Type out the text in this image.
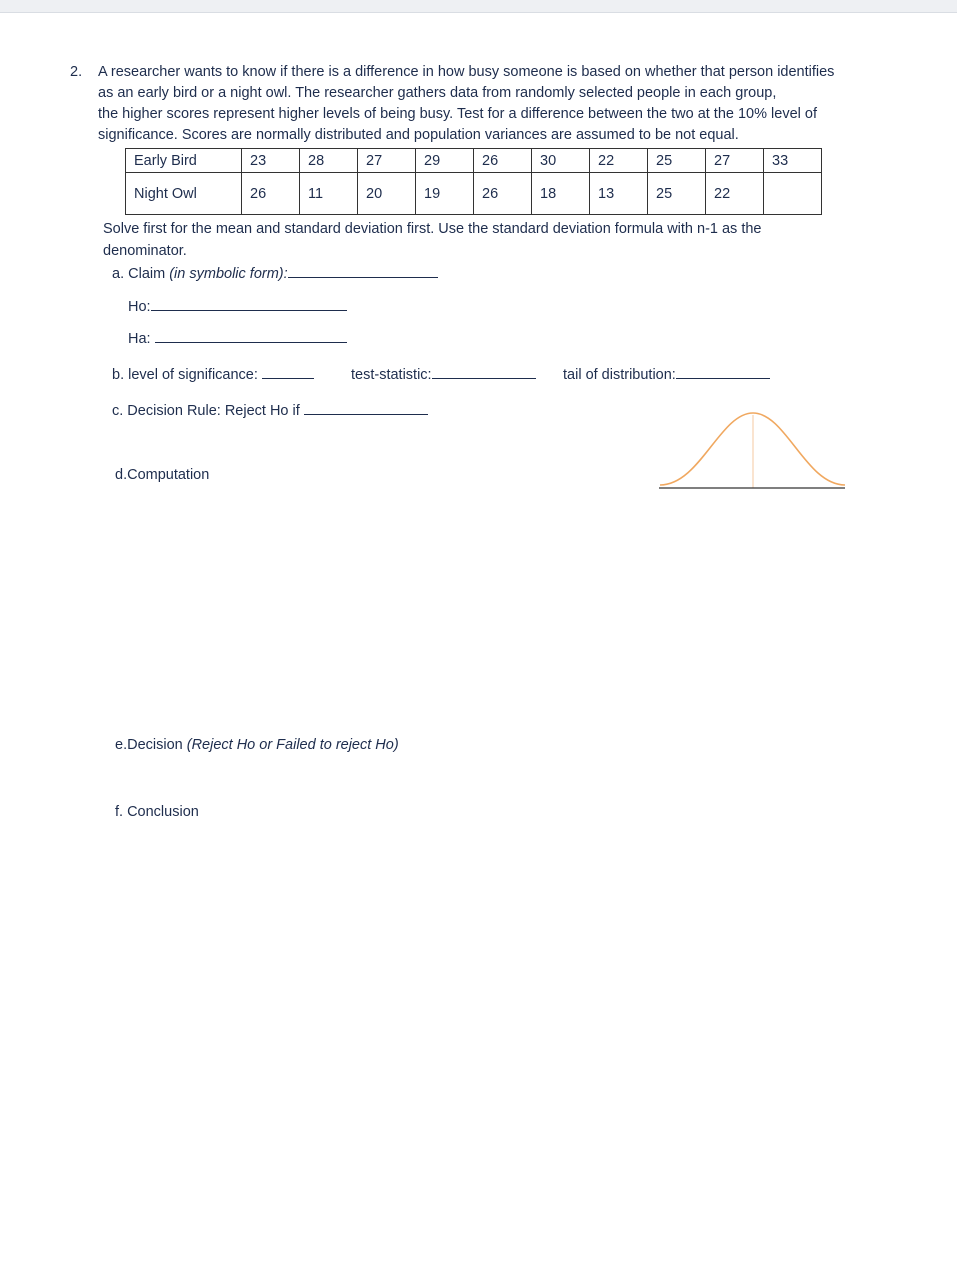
2. A researcher wants to know if there is a difference in how busy someone is based on whether that person identifies
as an early bird or a night owl. The researcher gathers data from randomly selected people in each group,
the higher scores represent higher levels of being busy. Test for a difference between the two at the 10% level of
significance. Scores are normally distributed and population variances are assumed to be not equal.
Early Bird	23	28	27	29	26	30	22	25	27	33
Night Owl	26	11	20	19	26	18	13	25	22	
Solve first for the mean and standard deviation first. Use the standard deviation formula with n-1 as the
denominator.
a. Claim (in symbolic form):
Ho:
Ha:
b. level of significance:	test-statistic:	tail of distribution:
c. Decision Rule: Reject Ho if
d.Computation
e.Decision (Reject Ho or Failed to reject Ho)
f. Conclusion
